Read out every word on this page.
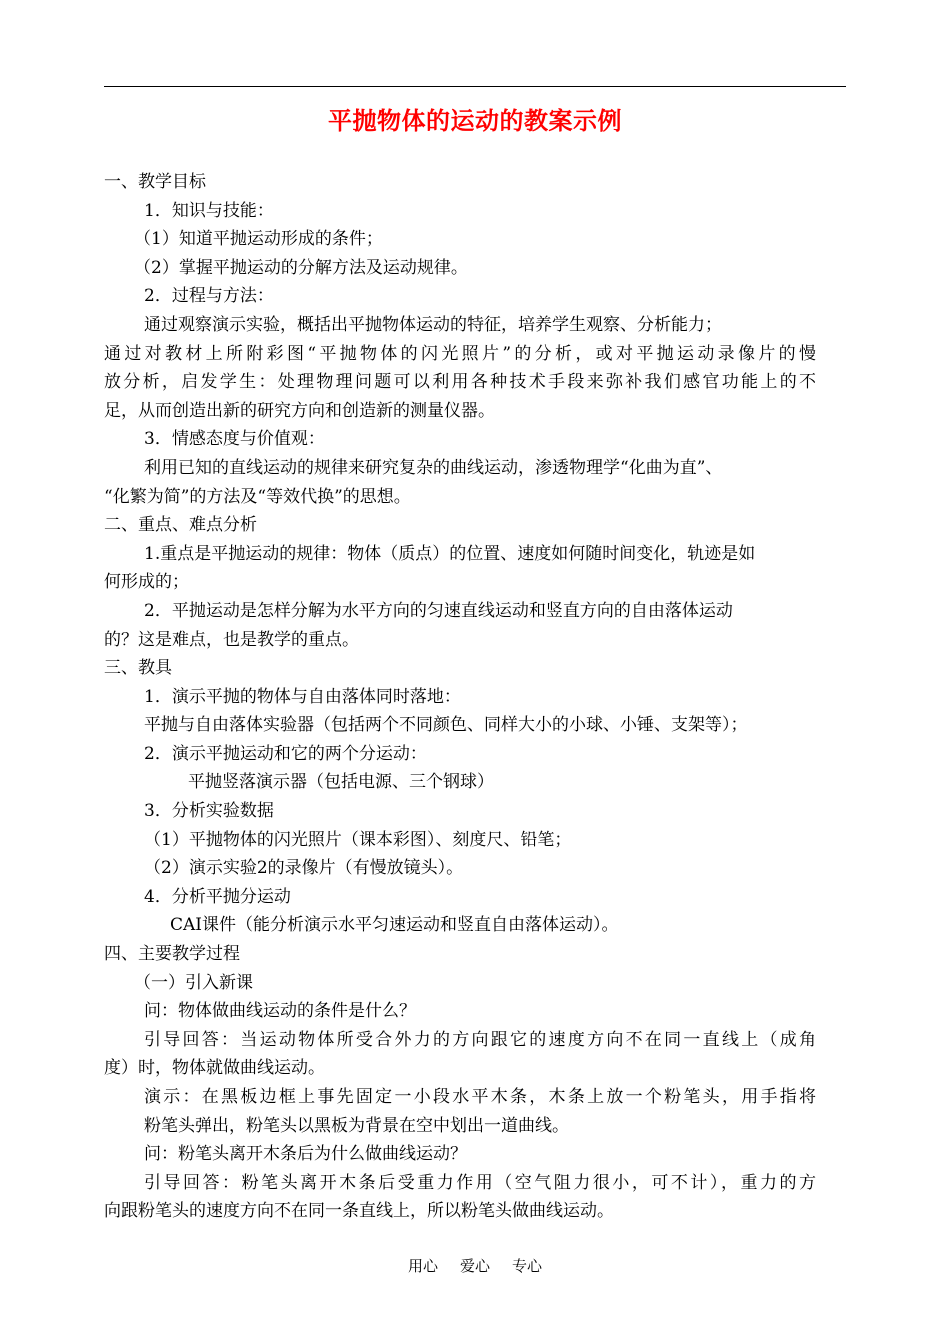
平抛物体的运动的教案示例
一、教学目标
1．知识与技能：
（1）知道平抛运动形成的条件；
（2）掌握平抛运动的分解方法及运动规律。
2．过程与方法：
通过观察演示实验，概括出平抛物体运动的特征，培养学生观察、分析能力；
通过对教材上所附彩图“平抛物体的闪光照片”的分析，或对平抛运动录像片的慢
放分析，启发学生：处理物理问题可以利用各种技术手段来弥补我们感官功能上的不
足，从而创造出新的研究方向和创造新的测量仪器。
3．情感态度与价值观：
利用已知的直线运动的规律来研究复杂的曲线运动，渗透物理学“化曲为直”、
“化繁为简”的方法及“等效代换”的思想。
二、重点、难点分析
1.重点是平抛运动的规律：物体（质点）的位置、速度如何随时间变化，轨迹是如
何形成的；
2．平抛运动是怎样分解为水平方向的匀速直线运动和竖直方向的自由落体运动
的？这是难点，也是教学的重点。
三、教具
1．演示平抛的物体与自由落体同时落地：
平抛与自由落体实验器（包括两个不同颜色、同样大小的小球、小锤、支架等）；
2．演示平抛运动和它的两个分运动：
平抛竖落演示器（包括电源、三个钢球）
3．分析实验数据
（1）平抛物体的闪光照片（课本彩图）、刻度尺、铅笔；
（2）演示实验2的录像片（有慢放镜头）。
4．分析平抛分运动
CAI课件（能分析演示水平匀速运动和竖直自由落体运动）。
四、主要教学过程
（一）引入新课
问：物体做曲线运动的条件是什么？
引导回答：当运动物体所受合外力的方向跟它的速度方向不在同一直线上（成角
度）时，物体就做曲线运动。
演示：在黑板边框上事先固定一小段水平木条，木条上放一个粉笔头，用手指将
粉笔头弹出，粉笔头以黑板为背景在空中划出一道曲线。
问：粉笔头离开木条后为什么做曲线运动？
引导回答：粉笔头离开木条后受重力作用（空气阻力很小，可不计），重力的方
向跟粉笔头的速度方向不在同一条直线上，所以粉笔头做曲线运动。
用心 爱心 专心
